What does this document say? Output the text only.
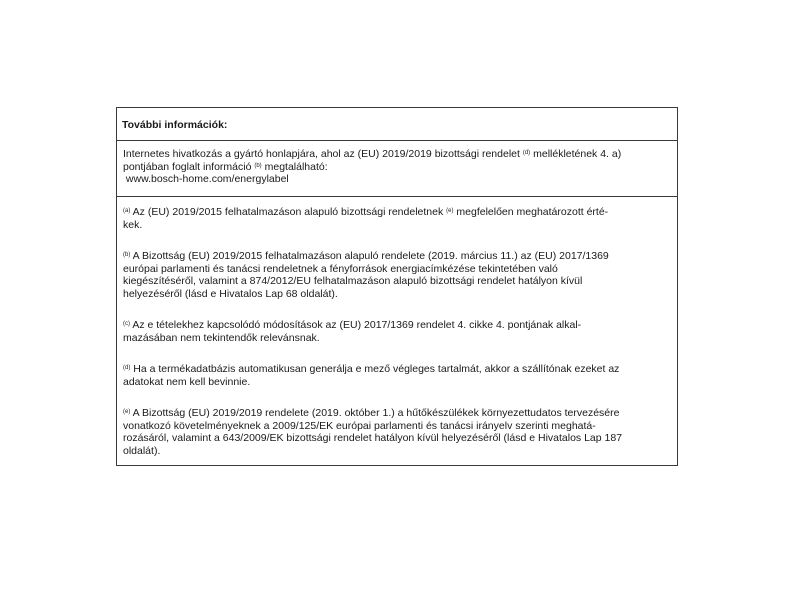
További információk:
Internetes hivatkozás a gyártó honlapjára, ahol az (EU) 2019/2019 bizottsági rendelet $^{(d)}$ mellékletének 4. a)
pontjában foglalt információ $^{(b)}$ megtalálható:
www.bosch-home.com/energylabel
$^{(a)}$ Az (EU) 2019/2015 felhatalmazáson alapuló bizottsági rendeletnek $^{(e)}$ megfelelően meghatározott érté-
kek.
$^{(b)}$ A Bizottság (EU) 2019/2015 felhatalmazáson alapuló rendelete (2019. március 11.) az (EU) 2017/1369
európai parlamenti és tanácsi rendeletnek a fényforrások energiacímkézése tekintetében való
kiegészítéséről, valamint a 874/2012/EU felhatalmazáson alapuló bizottsági rendelet hatályon kívül
helyezéséről (lásd e Hivatalos Lap 68 oldalát).
$^{(c)}$ Az e tételekhez kapcsolódó módosítások az (EU) 2017/1369 rendelet 4. cikke 4. pontjának alkal-
mazásában nem tekintendők relevánsnak.
$^{(d)}$ Ha a termékadatbázis automatikusan generálja e mező végleges tartalmát, akkor a szállítónak ezeket az
adatokat nem kell bevinnie.
$^{(e)}$ A Bizottság (EU) 2019/2019 rendelete (2019. október 1.) a hűtőkészülékek környezettudatos tervezésére
vonatkozó követelményeknek a 2009/125/EK európai parlamenti és tanácsi irányelv szerinti meghatá-
rozásáról, valamint a 643/2009/EK bizottsági rendelet hatályon kívül helyezéséről (lásd e Hivatalos Lap 187
oldalát).
